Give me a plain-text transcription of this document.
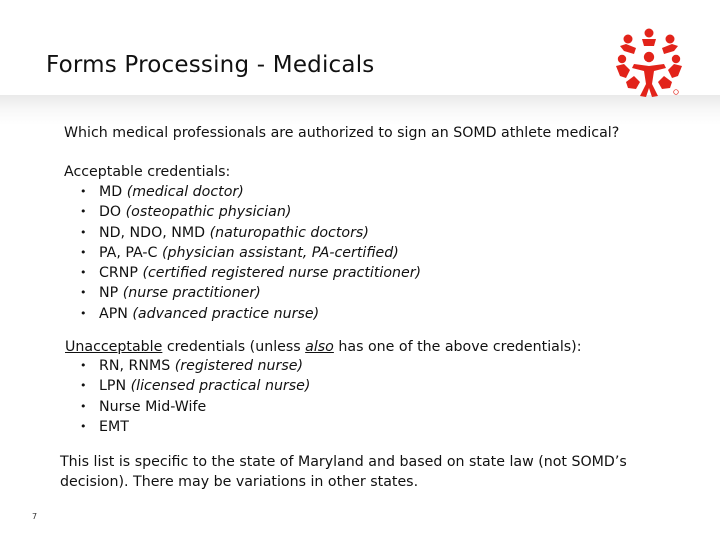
Forms Processing - Medicals
Which medical professionals are authorized to sign an SOMD athlete medical?
Acceptable credentials:
• MD (medical doctor)
• DO (osteopathic physician)
• ND, NDO, NMD (naturopathic doctors)
• PA, PA-C (physician assistant, PA-certified)
• CRNP (certified registered nurse practitioner)
• NP (nurse practitioner)
• APN (advanced practice nurse)
Unacceptable credentials (unless also has one of the above credentials):
• RN, RNMS (registered nurse)
• LPN (licensed practical nurse)
• Nurse Mid-Wife
• EMT
This list is specific to the state of Maryland and based on state law (not SOMD’s
decision). There may be variations in other states.
7
